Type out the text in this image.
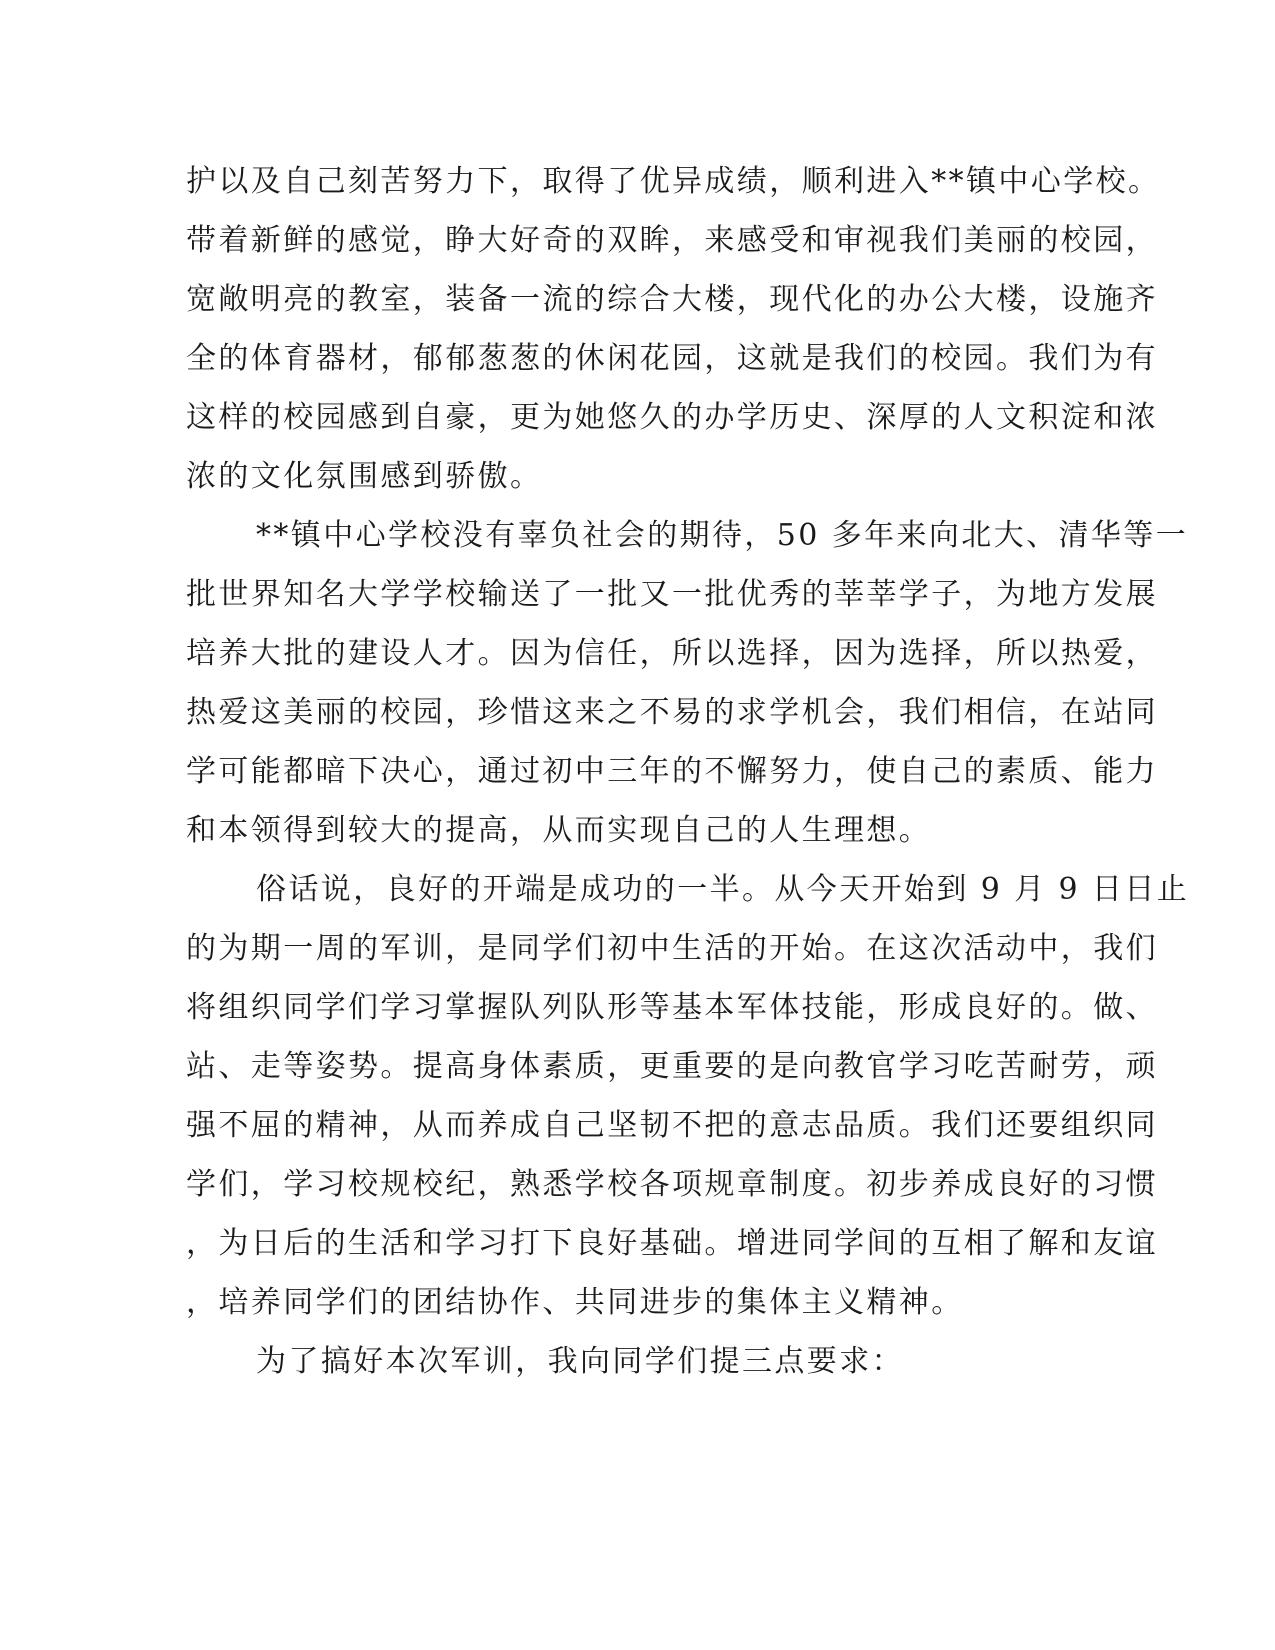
护以及自己刻苦努力下，取得了优异成绩，顺利进入**镇中心学校。

带着新鲜的感觉，睁大好奇的双眸，来感受和审视我们美丽的校园，

宽敞明亮的教室，装备一流的综合大楼，现代化的办公大楼，设施齐

全的体育器材，郁郁葱葱的休闲花园，这就是我们的校园。我们为有

这样的校园感到自豪，更为她悠久的办学历史、深厚的人文积淀和浓

浓的文化氛围感到骄傲。

**镇中心学校没有辜负社会的期待，50 多年来向北大、清华等一

批世界知名大学学校输送了一批又一批优秀的莘莘学子，为地方发展

培养大批的建设人才。因为信任，所以选择，因为选择，所以热爱，

热爱这美丽的校园，珍惜这来之不易的求学机会，我们相信，在站同

学可能都暗下决心，通过初中三年的不懈努力，使自己的素质、能力

和本领得到较大的提高，从而实现自己的人生理想。

俗话说，良好的开端是成功的一半。从今天开始到 9 月 9 日日止

的为期一周的军训，是同学们初中生活的开始。在这次活动中，我们

将组织同学们学习掌握队列队形等基本军体技能，形成良好的。做、

站、走等姿势。提高身体素质，更重要的是向教官学习吃苦耐劳，顽

强不屈的精神，从而养成自己坚韧不把的意志品质。我们还要组织同

学们，学习校规校纪，熟悉学校各项规章制度。初步养成良好的习惯

，为日后的生活和学习打下良好基础。增进同学间的互相了解和友谊

，培养同学们的团结协作、共同进步的集体主义精神。

为了搞好本次军训，我向同学们提三点要求：
